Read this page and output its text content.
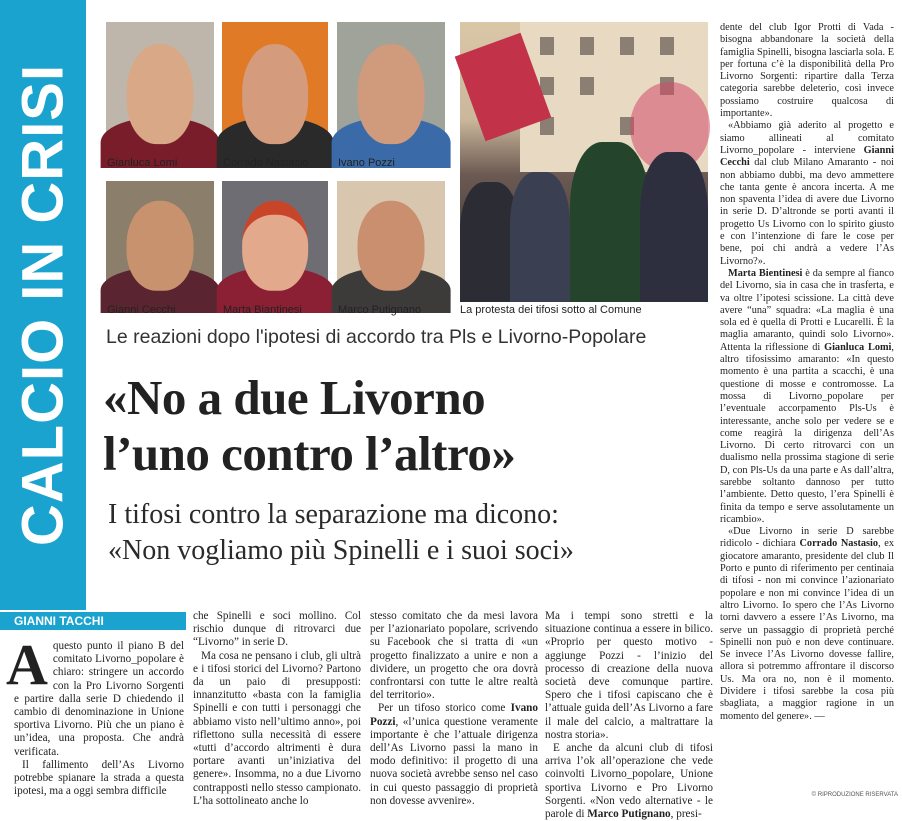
CALCIO IN CRISI	Gianluca Lomi	Corrado Nastasio	Ivano Pozzi
Gianni Cecchi	Marta Biantinesi	Marco Putignano	La protesta dei tifosi sotto al Comune
Le reazioni dopo l'ipotesi di accordo tra Pls e Livorno-Popolare
«No a due Livorno
l’uno contro l’altro»
I tifosi contro la separazione ma dicono:
«Non vogliamo più Spinelli e i suoi soci»
GIANNI TACCHI

Aquesto punto il piano B del comitato Livorno_popolare è chiaro: stringere un accordo con la Pro Livorno Sorgenti e partire dalla serie D chiedendo il cambio di denominazione in Unione sportiva Livorno. Più che un piano è un’idea, una proposta. Che andrà verificata.

Il fallimento dell’As Livorno potrebbe spianare la strada a questa ipotesi, ma a oggi sembra difficile

che Spinelli e soci mollino. Col rischio dunque di ritrovarci due “Livorno” in serie D.

Ma cosa ne pensano i club, gli ultrà e i tifosi storici del Livorno? Partono da un paio di presupposti: innanzitutto «basta con la famiglia Spinelli e con tutti i personaggi che abbiamo visto nell’ultimo anno», poi riflettono sulla necessità di essere «tutti d’accordo altrimenti è dura portare avanti un’iniziativa del genere». Insomma, no a due Livorno contrapposti nello stesso campionato. L’ha sottolineato anche lo

stesso comitato che da mesi lavora per l’azionariato popolare, scrivendo su Facebook che si tratta di «un progetto finalizzato a unire e non a dividere, un progetto che ora dovrà confrontarsi con tutte le altre realtà del territorio».

Per un tifoso storico come Ivano Pozzi, «l’unica questione veramente importante è che l’attuale dirigenza dell’As Livorno passi la mano in modo definitivo: il progetto di una nuova società avrebbe senso nel caso in cui questo passaggio di proprietà non dovesse avvenire».

Ma i tempi sono stretti e la situazione continua a essere in bilico. «Proprio per questo motivo - aggiunge Pozzi - l’inizio del processo di creazione della nuova società deve comunque partire. Spero che i tifosi capiscano che è l’attuale guida dell’As Livorno a fare il male del calcio, a maltrattare la nostra storia».

E anche da alcuni club di tifosi arriva l’ok all’operazione che vede coinvolti Livorno_popolare, Unione sportiva Livorno e Pro Livorno Sorgenti. «Non vedo alternative - le parole di Marco Putignano, presi-

dente del club Igor Protti di Vada - bisogna abbandonare la società della famiglia Spinelli, bisogna lasciarla sola. E per fortuna c’è la disponibilità della Pro Livorno Sorgenti: ripartire dalla Terza categoria sarebbe deleterio, così invece possiamo costruire qualcosa di importante».

«Abbiamo già aderito al progetto e siamo allineati al comitato Livorno_popolare - interviene Gianni Cecchi dal club Milano Amaranto - noi non abbiamo dubbi, ma devo ammettere che tanta gente è ancora incerta. A me non spaventa l’idea di avere due Livorno in serie D. D’altronde se porti avanti il progetto Us Livorno con lo spirito giusto e con l’intenzione di fare le cose per bene, poi chi andrà a vedere l’As Livorno?».

Marta Bientinesi è da sempre al fianco del Livorno, sia in casa che in trasferta, e va oltre l’ipotesi scissione. La città deve avere “una” squadra: «La maglia è una sola ed è quella di Protti e Lucarelli. È la maglia amaranto, quindi solo Livorno». Attenta la riflessione di Gianluca Lomi, altro tifosissimo amaranto: «In questo momento è una partita a scacchi, è una questione di mosse e contromosse. La mossa di Livorno_popolare per l’eventuale accorpamento Pls-Us è interessante, anche solo per vedere se e come reagirà la dirigenza dell’As Livorno. Di certo ritrovarci con un dualismo nella prossima stagione di serie D, con Pls-Us da una parte e As dall’altra, sarebbe soltanto dannoso per tutto l’ambiente. Detto questo, l’era Spinelli è finita da tempo e serve assolutamente un ricambio».

«Due Livorno in serie D sarebbe ridicolo - dichiara Corrado Nastasio, ex giocatore amaranto, presidente del club Il Porto e punto di riferimento per centinaia di tifosi - non mi convince l’azionariato popolare e non mi convince l’idea di un altro Livorno. Io spero che l’As Livorno torni davvero a essere l’As Livorno, ma serve un passaggio di proprietà perché Spinelli non può e non deve continuare. Se invece l’As Livorno dovesse fallire, allora sì potremmo affrontare il discorso Us. Ma ora no, non è il momento. Dividere i tifosi sarebbe la cosa più sbagliata, a maggior ragione in un momento del genere». —

© RIPRODUZIONE RISERVATA
